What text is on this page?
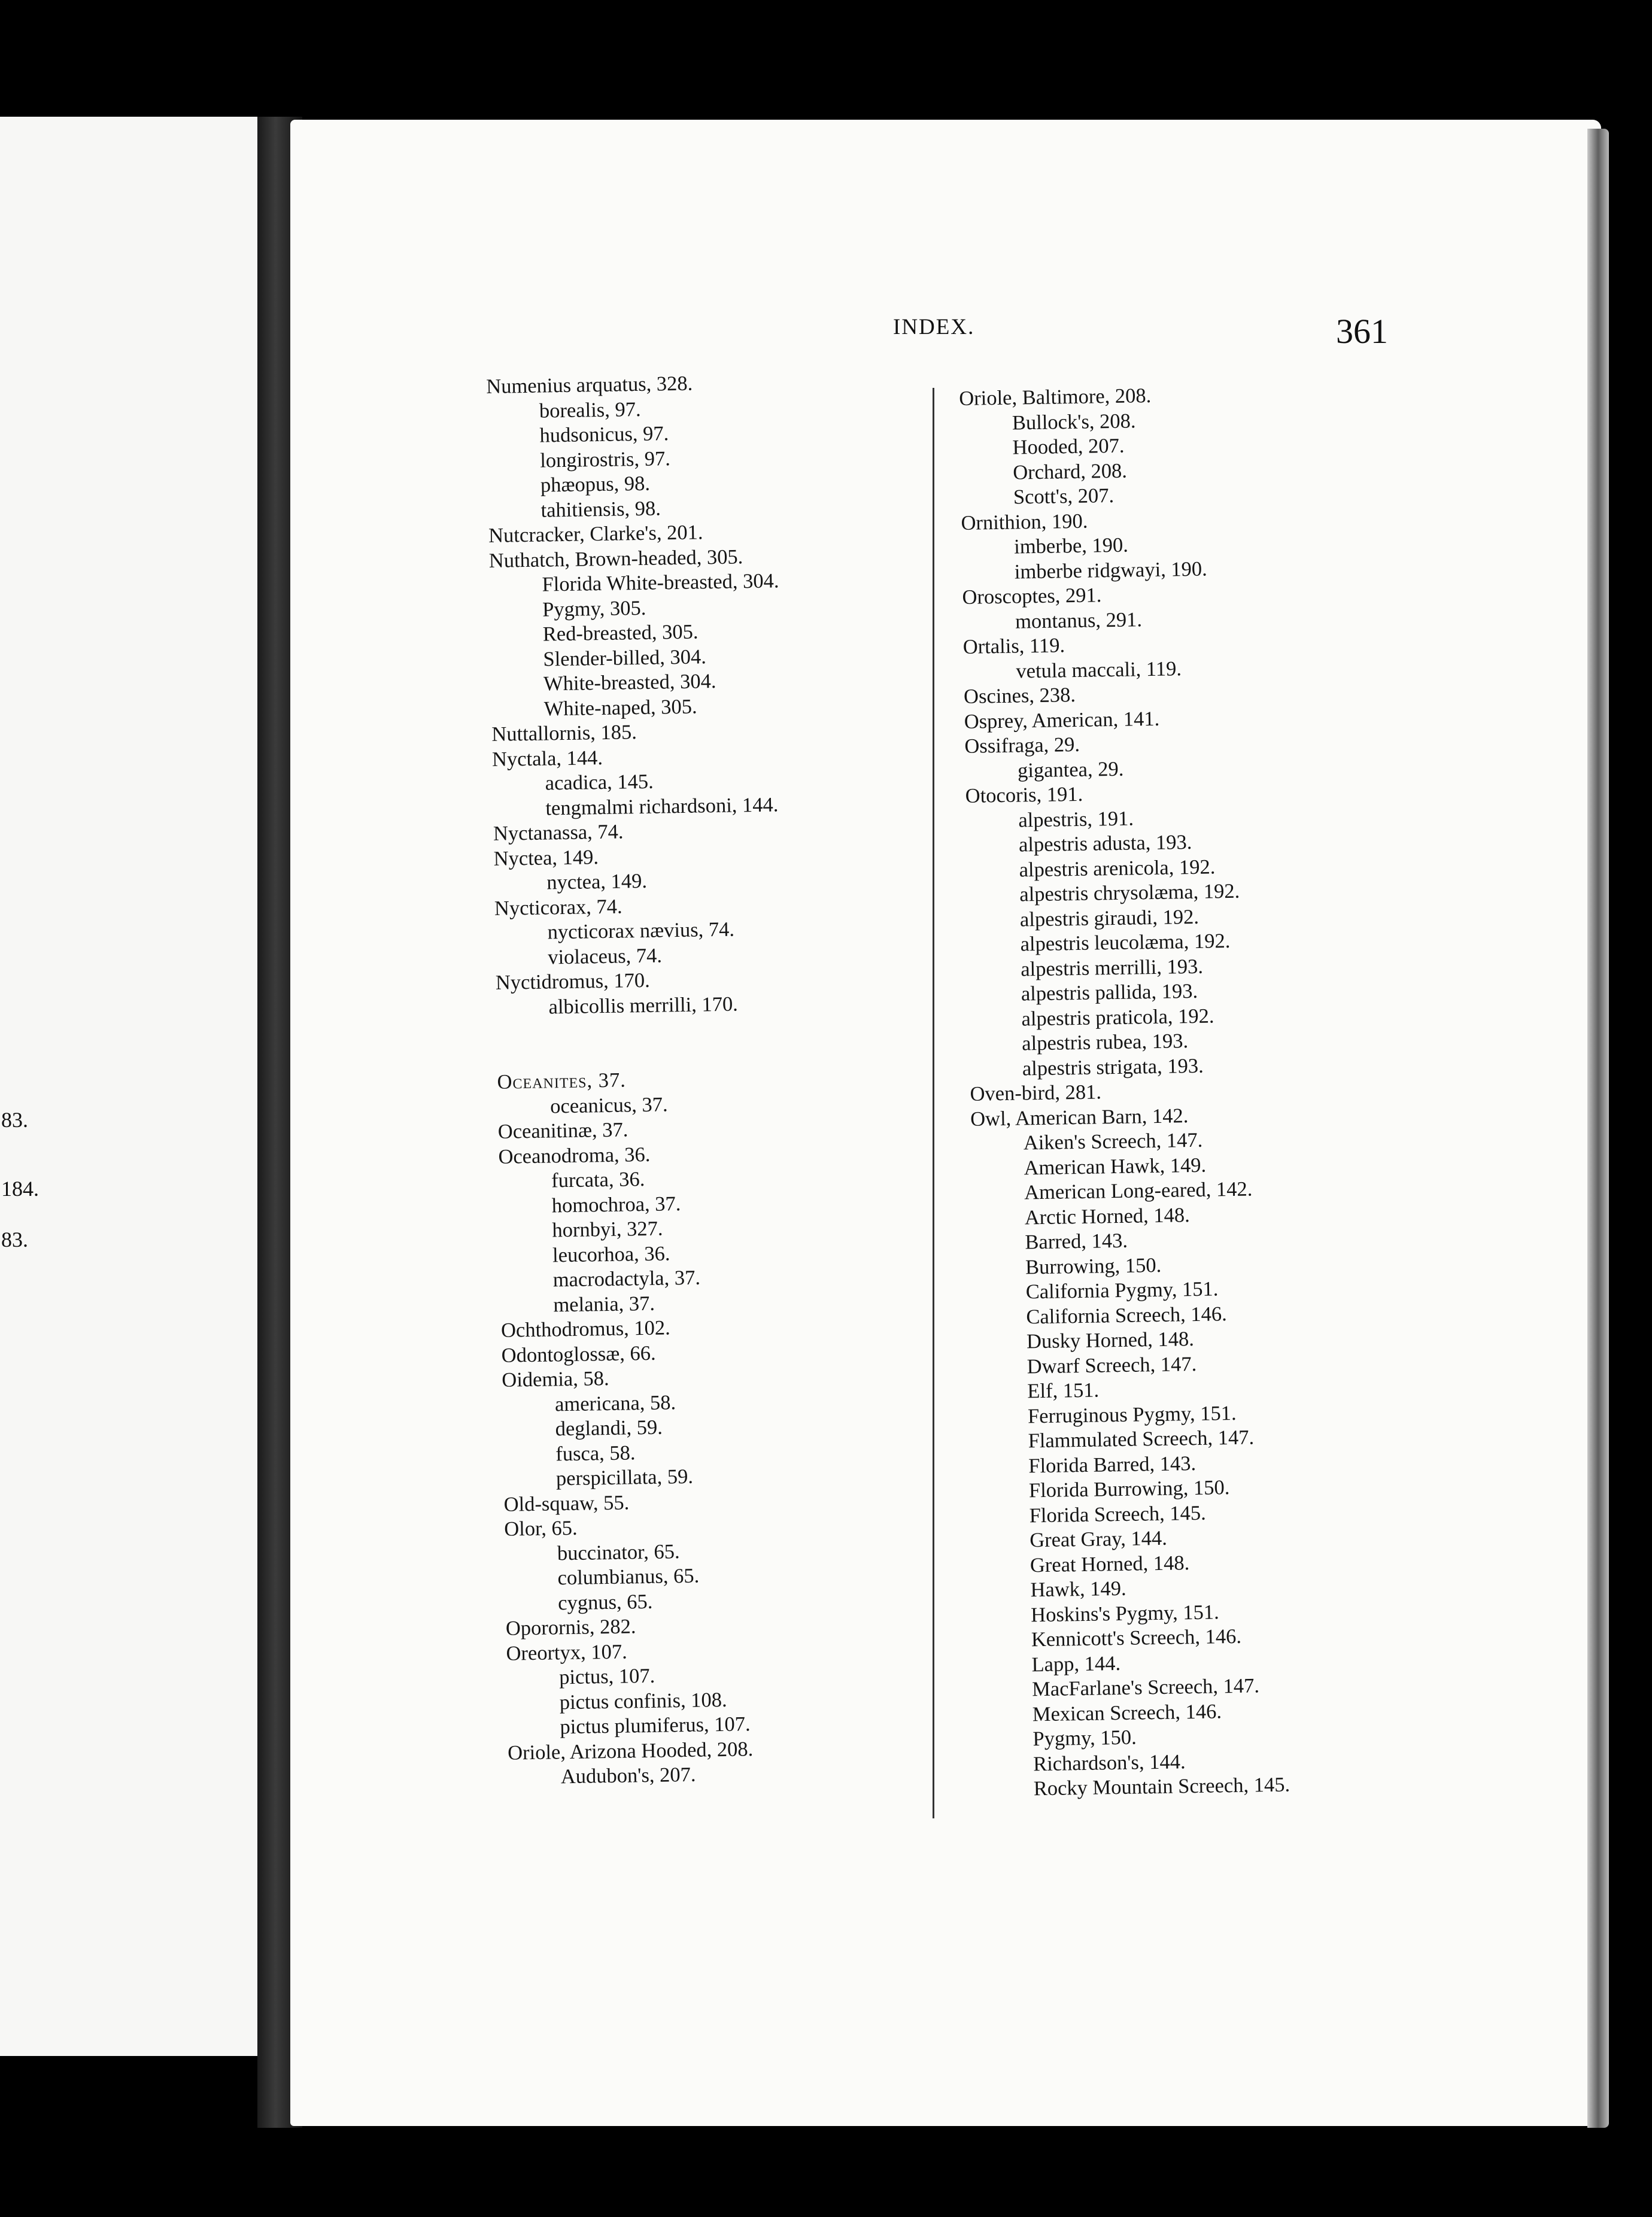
83.
184.
83.
INDEX.	361
Numenius arquatus, 328.
borealis, 97.
hudsonicus, 97.
longirostris, 97.
phæopus, 98.
tahitiensis, 98.
Nutcracker, Clarke's, 201.
Nuthatch, Brown-headed, 305.
Florida White-breasted, 304.
Pygmy, 305.
Red-breasted, 305.
Slender-billed, 304.
White-breasted, 304.
White-naped, 305.
Nuttallornis, 185.
Nyctala, 144.
acadica, 145.
tengmalmi richardsoni, 144.
Nyctanassa, 74.
Nyctea, 149.
nyctea, 149.
Nycticorax, 74.
nycticorax nævius, 74.
violaceus, 74.
Nyctidromus, 170.
albicollis merrilli, 170.
Oceanites, 37.
oceanicus, 37.
Oceanitinæ, 37.
Oceanodroma, 36.
furcata, 36.
homochroa, 37.
hornbyi, 327.
leucorhoa, 36.
macrodactyla, 37.
melania, 37.
Ochthodromus, 102.
Odontoglossæ, 66.
Oidemia, 58.
americana, 58.
deglandi, 59.
fusca, 58.
perspicillata, 59.
Old-squaw, 55.
Olor, 65.
buccinator, 65.
columbianus, 65.
cygnus, 65.
Oporornis, 282.
Oreortyx, 107.
pictus, 107.
pictus confinis, 108.
pictus plumiferus, 107.
Oriole, Arizona Hooded, 208.
Audubon's, 207.
Oriole, Baltimore, 208.
Bullock's, 208.
Hooded, 207.
Orchard, 208.
Scott's, 207.
Ornithion, 190.
imberbe, 190.
imberbe ridgwayi, 190.
Oroscoptes, 291.
montanus, 291.
Ortalis, 119.
vetula maccali, 119.
Oscines, 238.
Osprey, American, 141.
Ossifraga, 29.
gigantea, 29.
Otocoris, 191.
alpestris, 191.
alpestris adusta, 193.
alpestris arenicola, 192.
alpestris chrysolæma, 192.
alpestris giraudi, 192.
alpestris leucolæma, 192.
alpestris merrilli, 193.
alpestris pallida, 193.
alpestris praticola, 192.
alpestris rubea, 193.
alpestris strigata, 193.
Oven-bird, 281.
Owl, American Barn, 142.
Aiken's Screech, 147.
American Hawk, 149.
American Long-eared, 142.
Arctic Horned, 148.
Barred, 143.
Burrowing, 150.
California Pygmy, 151.
California Screech, 146.
Dusky Horned, 148.
Dwarf Screech, 147.
Elf, 151.
Ferruginous Pygmy, 151.
Flammulated Screech, 147.
Florida Barred, 143.
Florida Burrowing, 150.
Florida Screech, 145.
Great Gray, 144.
Great Horned, 148.
Hawk, 149.
Hoskins's Pygmy, 151.
Kennicott's Screech, 146.
Lapp, 144.
MacFarlane's Screech, 147.
Mexican Screech, 146.
Pygmy, 150.
Richardson's, 144.
Rocky Mountain Screech, 145.
